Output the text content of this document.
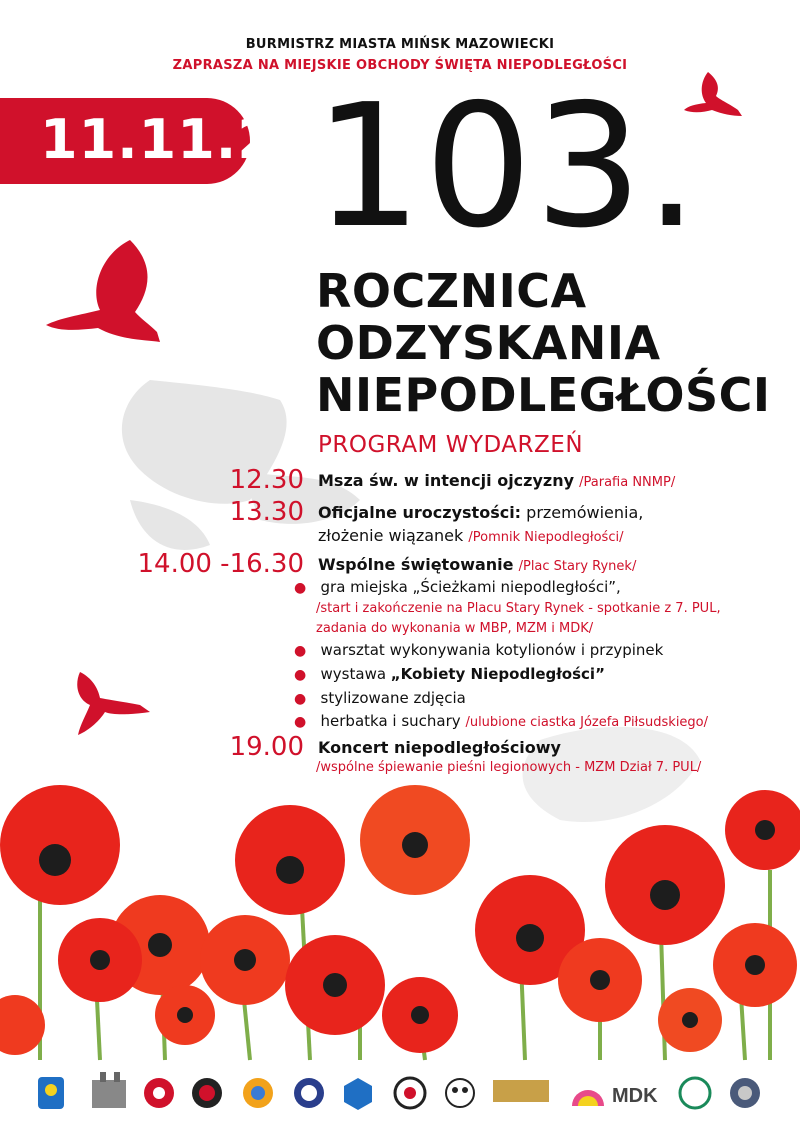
BURMISTRZ MIASTA MIŃSK MAZOWIECKI
ZAPRASZA NA MIEJSKIE OBCHODY ŚWIĘTA NIEPODLEGŁOŚCI
11.11.21 103.
ROCZNICA
ODZYSKANIA
NIEPODLEGŁOŚCI
PROGRAM WYDARZEŃ
12.30 Msza św. w intencji ojczyzny /Parafia NNMP/
13.30 Oficjalne uroczystości: przemówienia,
złożenie wiązanek /Pomnik Niepodległości/
14.00 -16.30 Wspólne świętowanie /Plac Stary Rynek/
● gra miejska „Ścieżkami niepodległości”,
/start i zakończenie na Placu Stary Rynek - spotkanie z 7. PUL,
zadania do wykonania w MBP, MZM i MDK/
● warsztat wykonywania kotylionów i przypinek
● wystawa „Kobiety Niepodległości”
● stylizowane zdjęcia
● herbatka i suchary /ulubione ciastka Józefa Piłsudskiego/
19.00 Koncert niepodległościowy
/wspólne śpiewanie pieśni legionowych - MZM Dział 7. PUL/
MDK
